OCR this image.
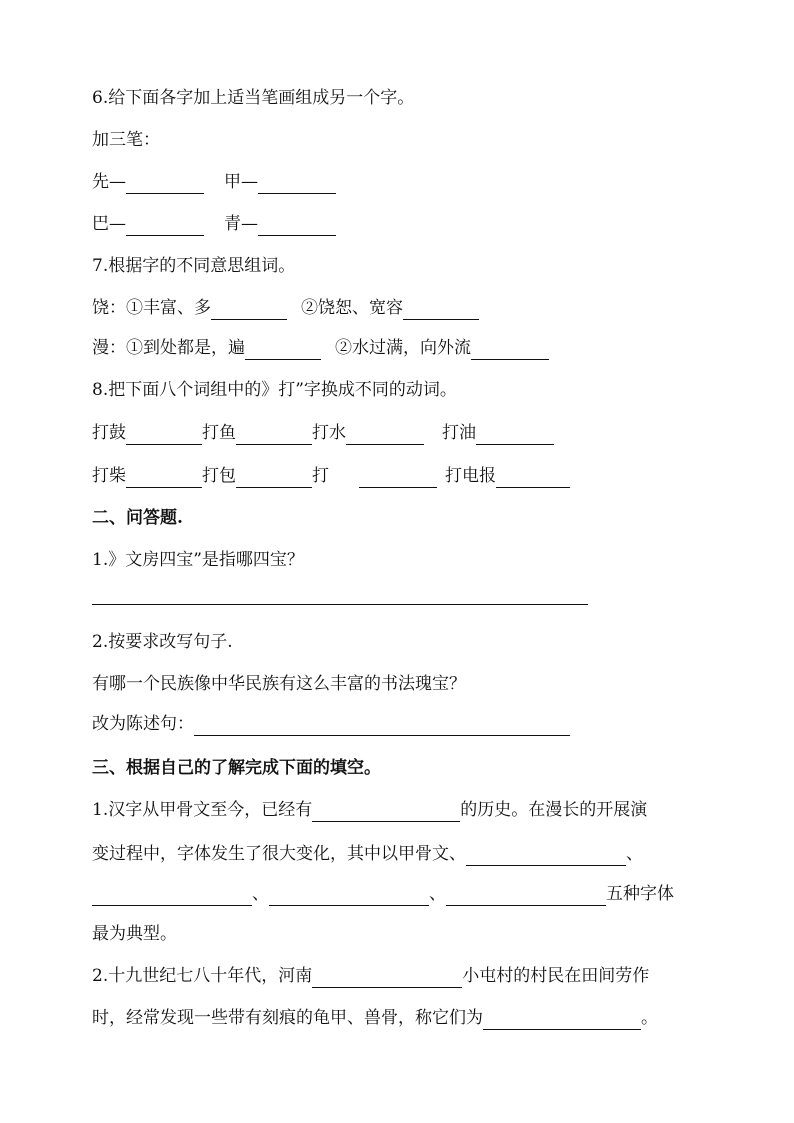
6.给下面各字加上适当笔画组成另一个字。
加三笔：
先—	甲—
巴—	青—
7.根据字的不同意思组词。
饶：①丰富、多	②饶恕、宽容
漫：①到处都是，遍	②水过满，向外流
8.把下面八个词组中的》打”字换成不同的动词。
打鼓	打鱼	打水	打油
打柴	打包	打	打电报
二、问答题.
1.》文房四宝”是指哪四宝？
2.按要求改写句子.
有哪一个民族像中华民族有这么丰富的书法瑰宝？
改为陈述句：
三、根据自己的了解完成下面的填空。
1.汉字从甲骨文至今，已经有	的历史。在漫长的开展演
变过程中，字体发生了很大变化，其中以甲骨文、	、
、	、	五种字体
最为典型。
2.十九世纪七八十年代，河南	小屯村的村民在田间劳作
时，经常发现一些带有刻痕的龟甲、兽骨，称它们为	。
